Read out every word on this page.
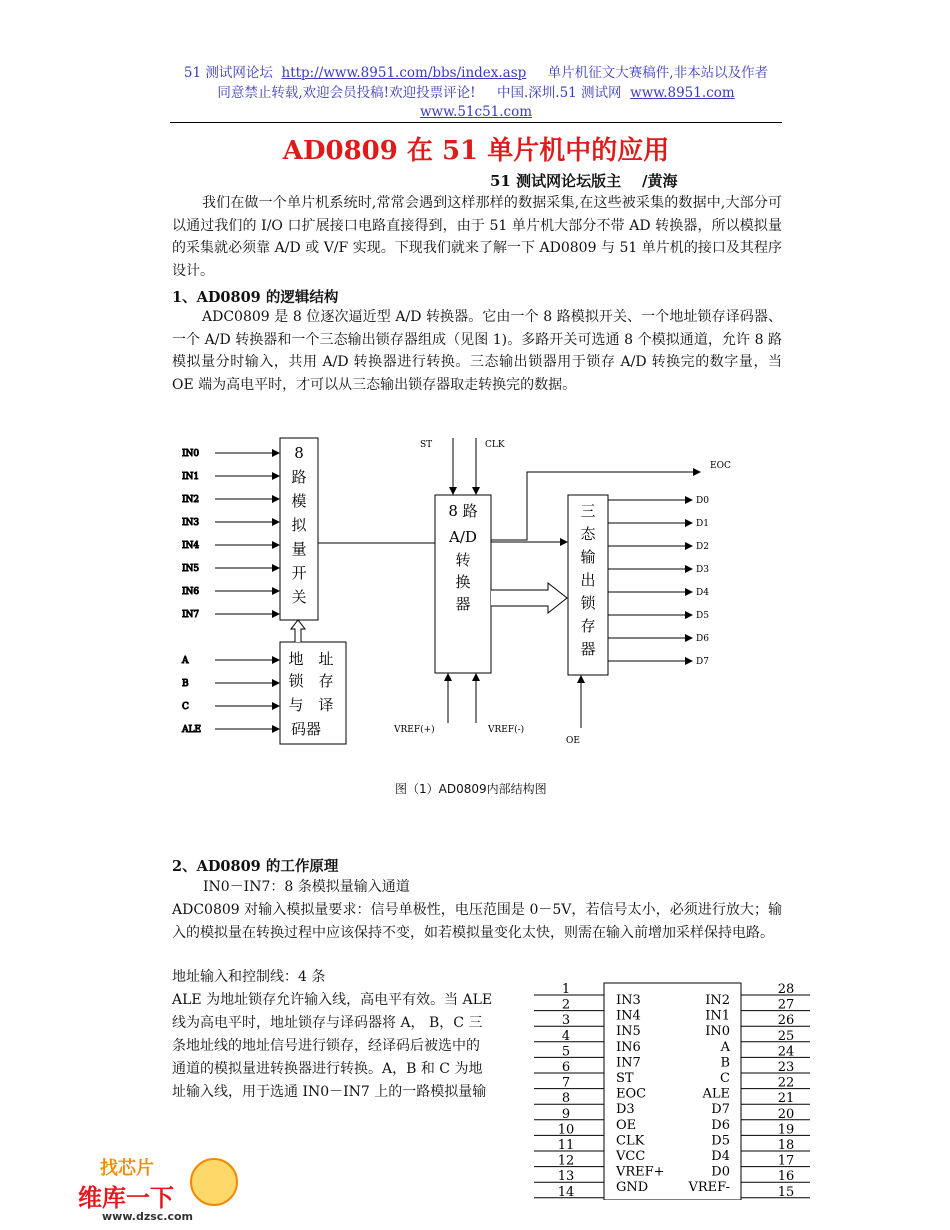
51 测试网论坛 http://www.8951.com/bbs/index.asp 单片机征文大赛稿件,非本站以及作者
同意禁止转载,欢迎会员投稿!欢迎投票评论! 中国.深圳.51 测试网 www.8951.com
www.51c51.com
AD0809 在 51 单片机中的应用
51 测试网论坛版主 /黄海

我们在做一个单片机系统时,常常会遇到这样那样的数据采集,在这些被采集的数据中,大部分可以通过我们的 I/O 口扩展接口电路直接得到，由于 51 单片机大部分不带 AD 转换器，所以模拟量的采集就必须靠 A/D 或 V/F 实现。下现我们就来了解一下 AD0809 与 51 单片机的接口及其程序设计。

1、AD0809 的逻辑结构

ADC0809 是 8 位逐次逼近型 A/D 转换器。它由一个 8 路模拟开关、一个地址锁存译码器、一个 A/D 转换器和一个三态输出锁存器组成（见图 1)。多路开关可选通 8 个模拟通道，允许 8 路模拟量分时输入，共用 A/D 转换器进行转换。三态输出锁器用于锁存 A/D 转换完的数字量，当 OE 端为高电平时，才可以从三态输出锁存器取走转换完的数据。

IN0
IN1
IN2
IN3
IN4
IN5
IN6
IN7
A
B
C
ALE
8
路
模
拟
量
开
关
地 址
锁 存
与 译
码器
8 路
A/D
转
换
器
ST	CLK
VREF(+)	VREF(-)
EOC
三
态
输
出
锁
存
器
D0
D1
D2
D3
D4
D5
D6
D7
OE
图（1）AD0809内部结构图
2、AD0809 的工作原理
IN0－IN7：8 条模拟量输入通道

ADC0809 对输入模拟量要求：信号单极性，电压范围是 0－5V，若信号太小，必须进行放大；输入的模拟量在转换过程中应该保持不变，如若模拟量变化太快，则需在输入前增加采样保持电路。

地址输入和控制线：4 条
ALE 为地址锁存允许输入线，高电平有效。当 ALE
线为高电平时，地址锁存与译码器将 A， B，C 三
条地址线的地址信号进行锁存，经译码后被选中的
通道的模拟量进转换器进行转换。A，B 和 C 为地
址输入线，用于选通 IN0－IN7 上的一路模拟量输
1
2
3
4
5
6
7
8
9
10
11
12
13
14
28
27
26
25
24
23
22
21
20
19
18
17
16
15
IN3
IN4
IN5
IN6
IN7
ST
EOC
D3
OE
CLK
VCC
VREF+
GND
IN2
IN1
IN0
A
B
C
ALE
D7
D6
D5
D4
D0
VREF-
找芯片
维库一下
www.dzsc.com
